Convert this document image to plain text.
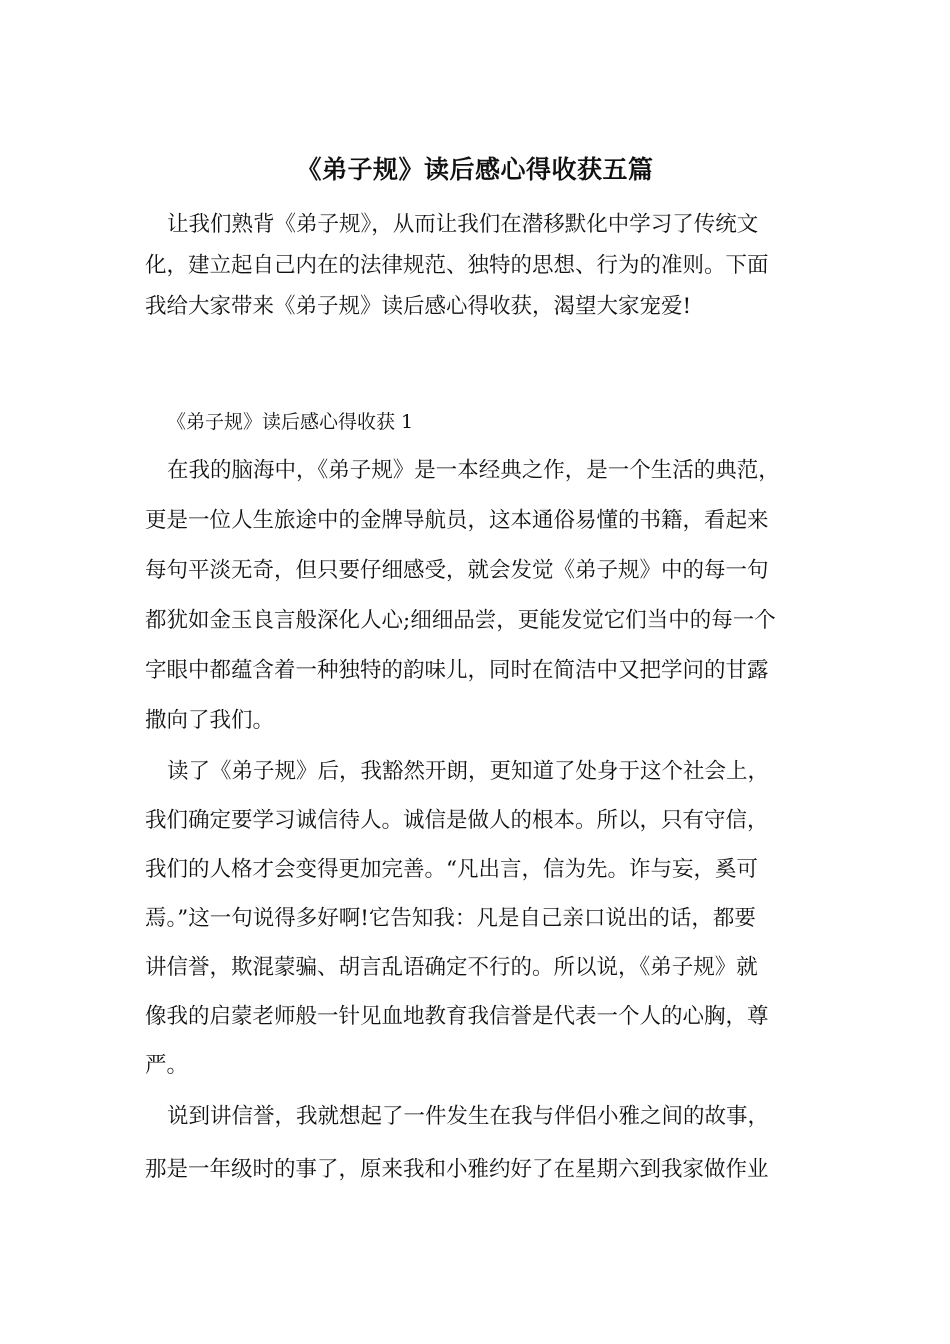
《弟子规》读后感心得收获五篇
让我们熟背《弟子规》，从而让我们在潜移默化中学习了传统文
化，建立起自己内在的法律规范、独特的思想、行为的准则。下面
我给大家带来《弟子规》读后感心得收获，渴望大家宠爱!
《弟子规》读后感心得收获 1
在我的脑海中，《弟子规》是一本经典之作，是一个生活的典范，
更是一位人生旅途中的金牌导航员，这本通俗易懂的书籍，看起来
每句平淡无奇，但只要仔细感受，就会发觉《弟子规》中的每一句
都犹如金玉良言般深化人心;细细品尝，更能发觉它们当中的每一个
字眼中都蕴含着一种独特的韵味儿，同时在简洁中又把学问的甘露
撒向了我们。
读了《弟子规》后，我豁然开朗，更知道了处身于这个社会上，
我们确定要学习诚信待人。诚信是做人的根本。所以，只有守信，
我们的人格才会变得更加完善。“凡出言，信为先。诈与妄，奚可
焉。”这一句说得多好啊!它告知我：凡是自己亲口说出的话，都要
讲信誉，欺混蒙骗、胡言乱语确定不行的。所以说，《弟子规》就
像我的启蒙老师般一针见血地教育我信誉是代表一个人的心胸，尊
严。
说到讲信誉，我就想起了一件发生在我与伴侣小雅之间的故事，
那是一年级时的事了，原来我和小雅约好了在星期六到我家做作业
